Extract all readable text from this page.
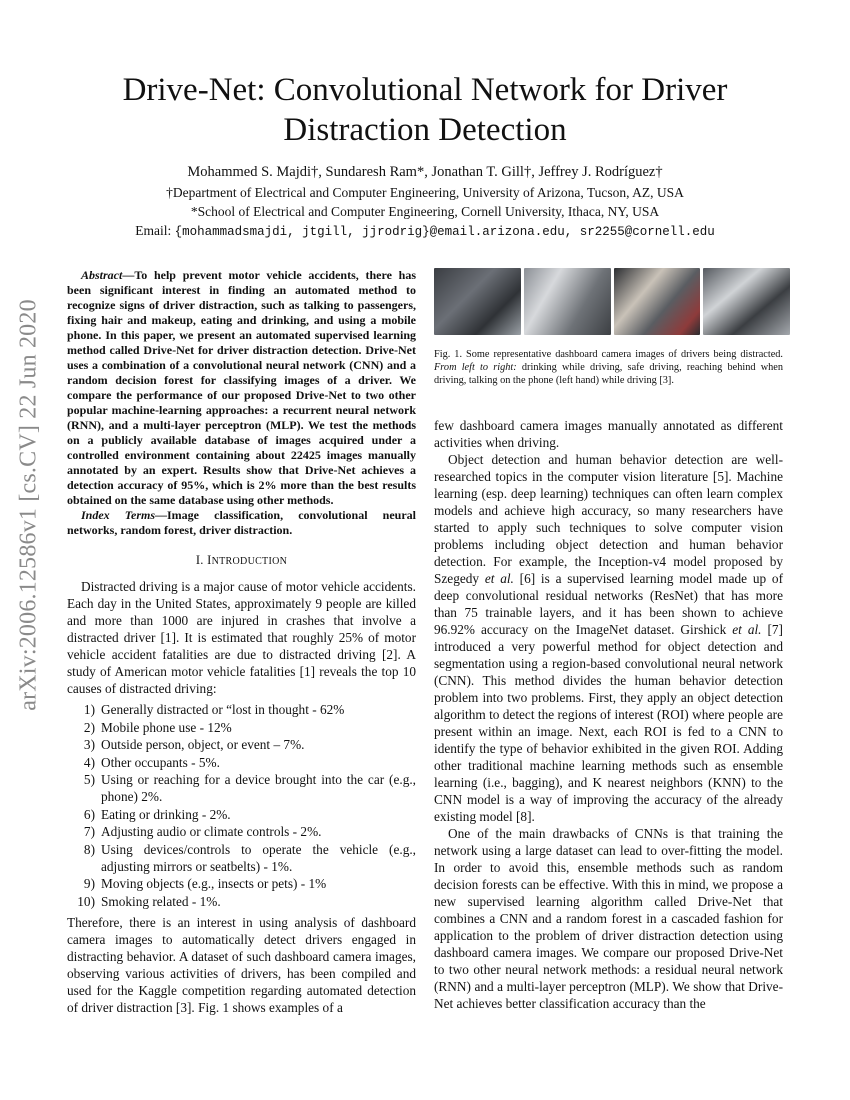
arXiv:2006.12586v1 [cs.CV] 22 Jun 2020
Drive-Net: Convolutional Network for Driver Distraction Detection
Mohammed S. Majdi†, Sundaresh Ram*, Jonathan T. Gill†, Jeffrey J. Rodríguez†
†Department of Electrical and Computer Engineering, University of Arizona, Tucson, AZ, USA
*School of Electrical and Computer Engineering, Cornell University, Ithaca, NY, USA
Email: {mohammadsmajdi, jtgill, jjrodrig}@email.arizona.edu, sr2255@cornell.edu

Abstract—To help prevent motor vehicle accidents, there has been significant interest in finding an automated method to recognize signs of driver distraction, such as talking to passengers, fixing hair and makeup, eating and drinking, and using a mobile phone. In this paper, we present an automated supervised learning method called Drive-Net for driver distraction detection. Drive-Net uses a combination of a convolutional neural network (CNN) and a random decision forest for classifying images of a driver. We compare the performance of our proposed Drive-Net to two other popular machine-learning approaches: a recurrent neural network (RNN), and a multi-layer perceptron (MLP). We test the methods on a publicly available database of images acquired under a controlled environment containing about 22425 images manually annotated by an expert. Results show that Drive-Net achieves a detection accuracy of 95%, which is 2% more than the best results obtained on the same database using other methods.

Index Terms—Image classification, convolutional neural networks, random forest, driver distraction.

I. INTRODUCTION

Distracted driving is a major cause of motor vehicle accidents. Each day in the United States, approximately 9 people are killed and more than 1000 are injured in crashes that involve a distracted driver [1]. It is estimated that roughly 25% of motor vehicle accident fatalities are due to distracted driving [2]. A study of American motor vehicle fatalities [1] reveals the top 10 causes of distracted driving:

1) Generally distracted or “lost in thought - 62%
2) Mobile phone use - 12%
3) Outside person, object, or event – 7%.
4) Other occupants - 5%.
5) Using or reaching for a device brought into the car (e.g., phone) 2%.
6) Eating or drinking - 2%.
7) Adjusting audio or climate controls - 2%.
8) Using devices/controls to operate the vehicle (e.g., adjusting mirrors or seatbelts) - 1%.
9) Moving objects (e.g., insects or pets) - 1%
10) Smoking related - 1%.

Therefore, there is an interest in using analysis of dashboard camera images to automatically detect drivers engaged in distracting behavior. A dataset of such dashboard camera images, observing various activities of drivers, has been compiled and used for the Kaggle competition regarding automated detection of driver distraction [3]. Fig. 1 shows examples of a

Fig. 1. Some representative dashboard camera images of drivers being distracted. From left to right: drinking while driving, safe driving, reaching behind when driving, talking on the phone (left hand) while driving [3].

few dashboard camera images manually annotated as different activities when driving.

Object detection and human behavior detection are well-researched topics in the computer vision literature [5]. Machine learning (esp. deep learning) techniques can often learn complex models and achieve high accuracy, so many researchers have started to apply such techniques to solve computer vision problems including object detection and human behavior detection. For example, the Inception-v4 model proposed by Szegedy et al. [6] is a supervised learning model made up of deep convolutional residual networks (ResNet) that has more than 75 trainable layers, and it has been shown to achieve 96.92% accuracy on the ImageNet dataset. Girshick et al. [7] introduced a very powerful method for object detection and segmentation using a region-based convolutional neural network (CNN). This method divides the human behavior detection problem into two problems. First, they apply an object detection algorithm to detect the regions of interest (ROI) where people are present within an image. Next, each ROI is fed to a CNN to identify the type of behavior exhibited in the given ROI. Adding other traditional machine learning methods such as ensemble learning (i.e., bagging), and K nearest neighbors (KNN) to the CNN model is a way of improving the accuracy of the already existing model [8].

One of the main drawbacks of CNNs is that training the network using a large dataset can lead to over-fitting the model. In order to avoid this, ensemble methods such as random decision forests can be effective. With this in mind, we propose a new supervised learning algorithm called Drive-Net that combines a CNN and a random forest in a cascaded fashion for application to the problem of driver distraction detection using dashboard camera images. We compare our proposed Drive-Net to two other neural network methods: a residual neural network (RNN) and a multi-layer perceptron (MLP). We show that Drive-Net achieves better classification accuracy than the
